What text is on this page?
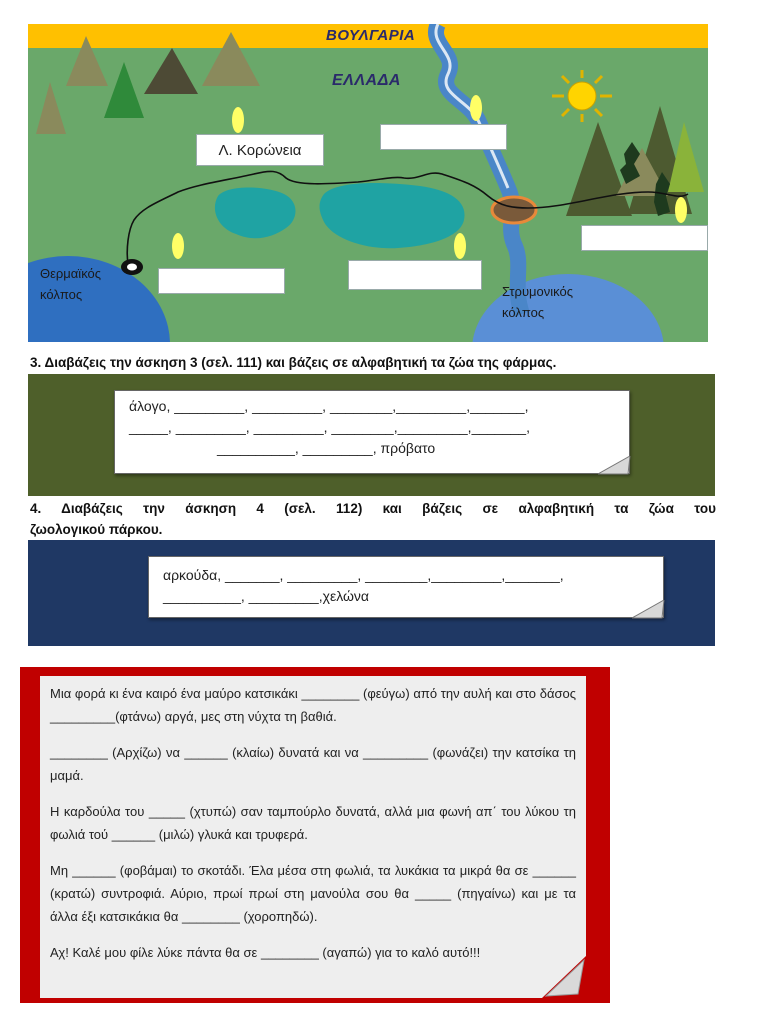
ΒΟΥΛΓΑΡΙΑ
ΕΛΛΑΔΑ
Λ. Κορώνεια
Θερμαϊκός
κόλπος	Στρυμονικός
κόλπος
3. Διαβάζεις την άσκηση 3 (σελ. 111) και βάζεις σε αλφαβητική τα ζώα της φάρμας.

άλογο, _________, _________, ________,_________,_______,

_____, _________, _________, ________,_________,_______,

__________, _________, πρόβατο

4. Διαβάζεις την άσκηση 4 (σελ. 112) και βάζεις σε αλφαβητική τα ζώα του
ζωολογικού πάρκου.

αρκούδα, _______, _________, ________,_________,_______,

__________, _________,χελώνα

Μια φορά κι ένα καιρό ένα μαύρο κατσικάκι ________ (φεύγω) από την αυλή και στο δάσος _________(φτάνω) αργά, μες στη νύχτα τη βαθιά.

________ (Αρχίζω) να ______ (κλαίω) δυνατά και να _________ (φωνάζει) την κατσίκα τη μαμά.

Η καρδούλα του _____ (χτυπώ) σαν ταμπούρλο δυνατά, αλλά μια φωνή απ΄ του λύκου τη φωλιά τού ______ (μιλώ) γλυκά και τρυφερά.

Μη ______ (φοβάμαι) το σκοτάδι. Έλα μέσα στη φωλιά, τα λυκάκια τα μικρά θα σε ______ (κρατώ) συντροφιά. Αύριο, πρωί πρωί στη μανούλα σου θα _____ (πηγαίνω) και με τα άλλα έξι κατσικάκια θα ________ (χοροπηδώ).

Αχ! Καλέ μου φίλε λύκε πάντα θα σε ________ (αγαπώ) για το καλό αυτό!!!
